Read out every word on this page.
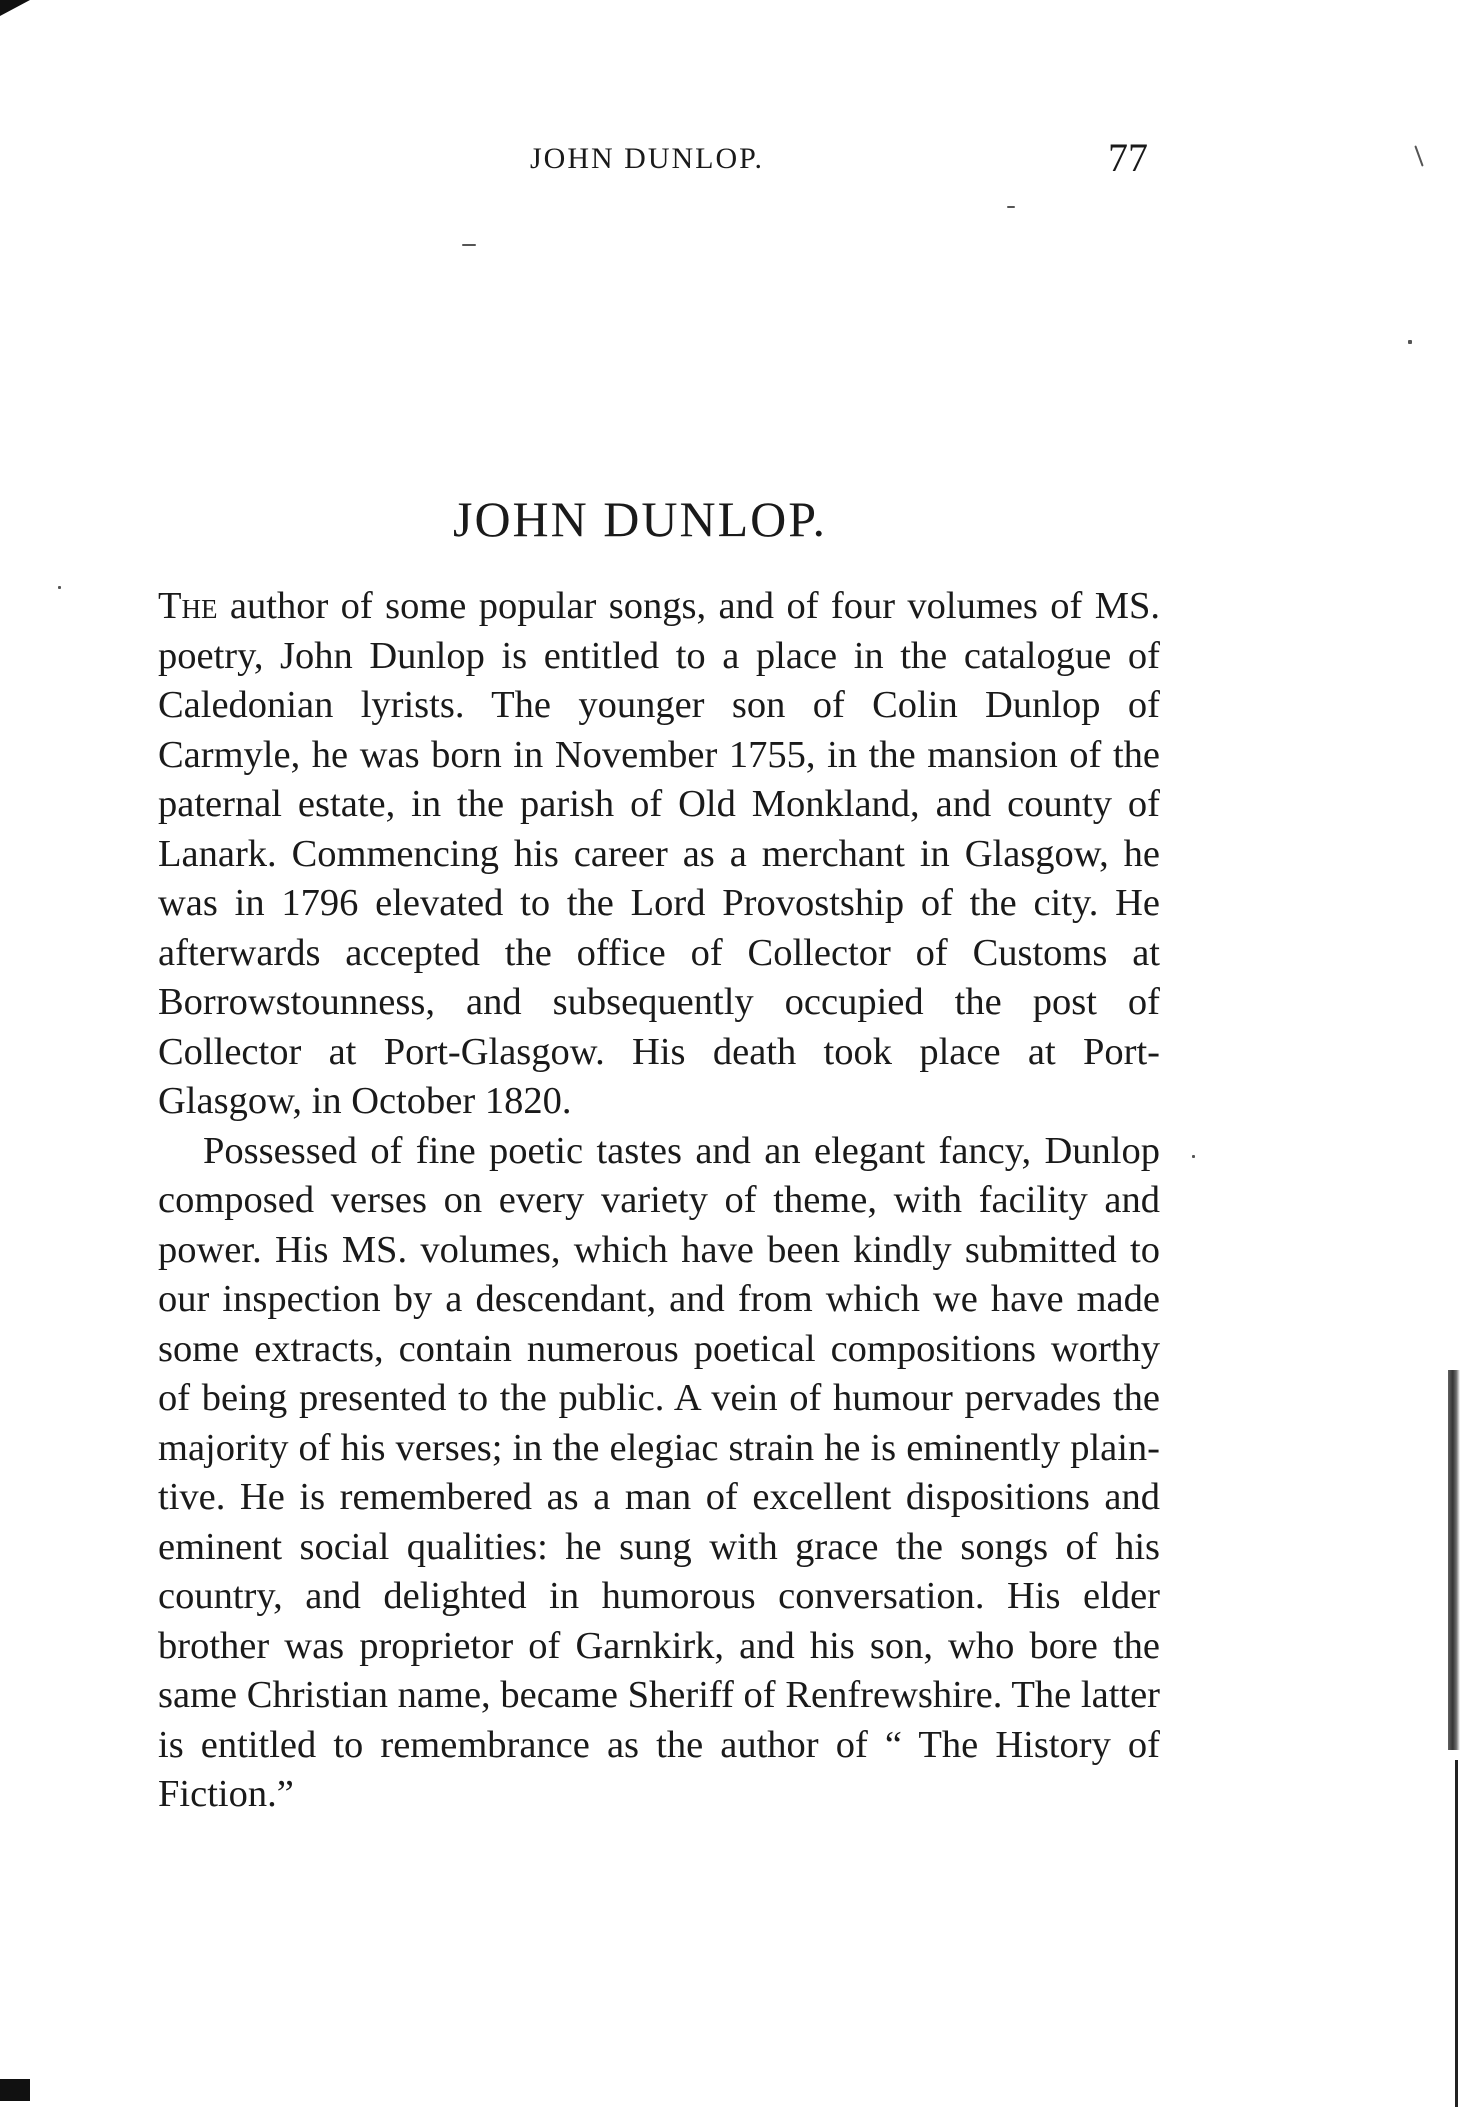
JOHN DUNLOP.	77
JOHN DUNLOP.

The author of some popular songs, and of four volumes of MS. poetry, John Dunlop is entitled to a place in the catalogue of Caledonian lyrists. The younger son of Colin Dunlop of Carmyle, he was born in November 1755, in the mansion of the paternal estate, in the parish of Old Monkland, and county of Lanark. Commencing his career as a merchant in Glasgow, he was in 1796 elevated to the Lord Provostship of the city. He afterwards accepted the office of Collector of Customs at Borrowstounness, and subsequently occupied the post of Collector at Port-Glasgow. His death took place at Port-Glasgow, in October 1820.

Possessed of fine poetic tastes and an elegant fancy, Dunlop composed verses on every variety of theme, with facility and power. His MS. volumes, which have been kindly submitted to our inspection by a descendant, and from which we have made some extracts, contain numerous poetical compositions worthy of being presented to the public. A vein of humour pervades the majority of his verses; in the elegiac strain he is eminently plaintive. He is remembered as a man of excellent dispositions and eminent social qualities: he sung with grace the songs of his country, and delighted in humorous conversation. His elder brother was proprietor of Garnkirk, and his son, who bore the same Christian name, became Sheriff of Renfrewshire. The latter is entitled to remembrance as the author of “ The History of Fiction.”
